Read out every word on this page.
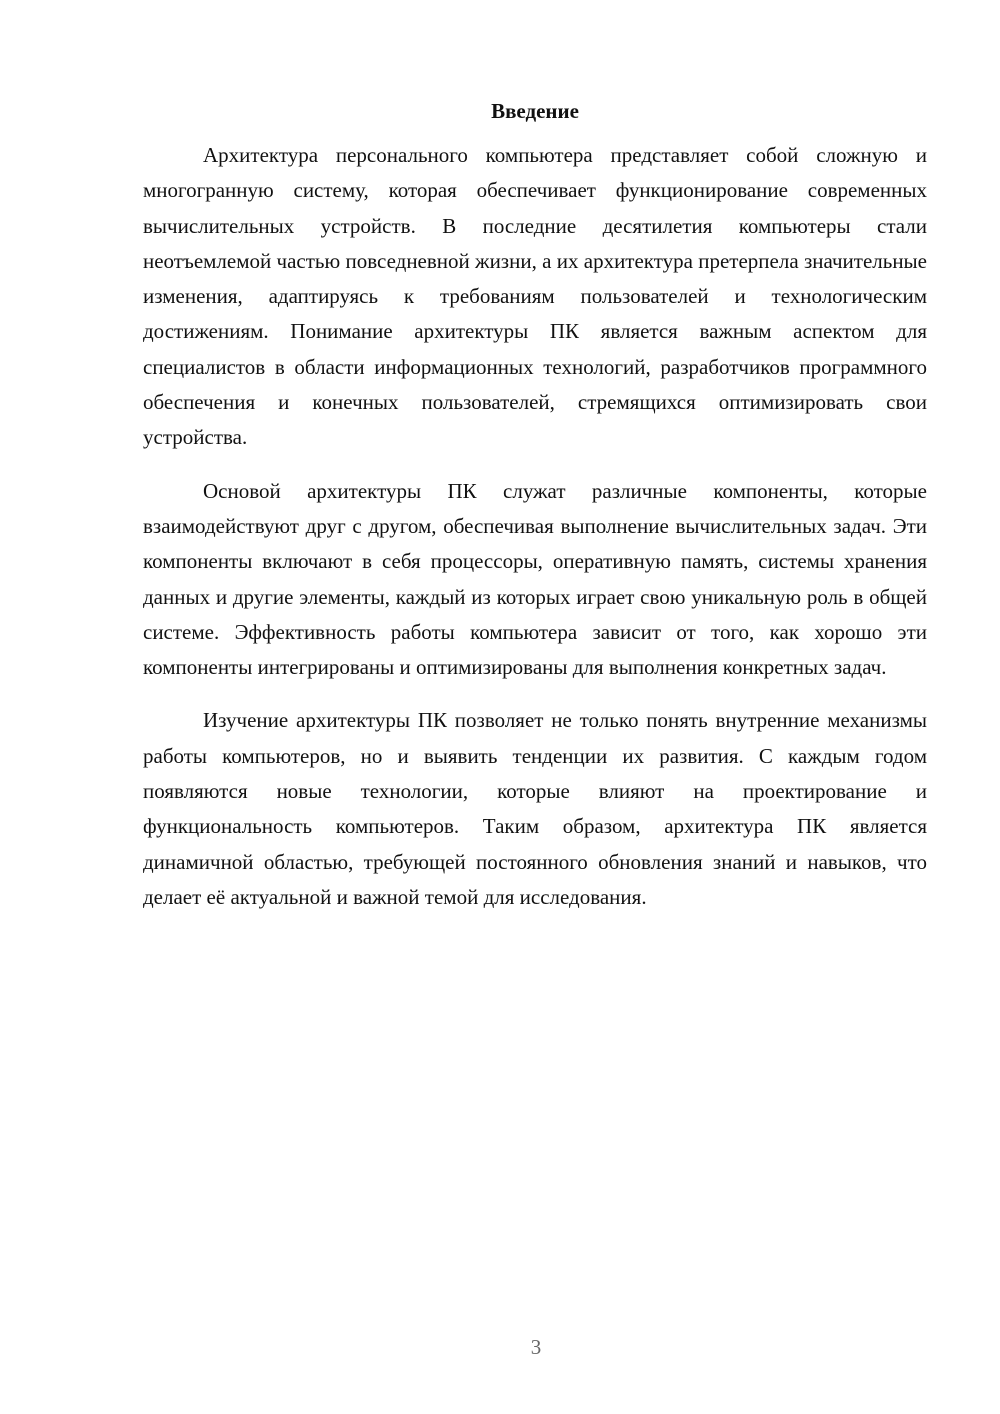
Введение

Архитектура персонального компьютера представляет собой сложную и многогранную систему, которая обеспечивает функционирование современных вычислительных устройств. В последние десятилетия компьютеры стали неотъемлемой частью повседневной жизни, а их архитектура претерпела значительные изменения, адаптируясь к требованиям пользователей и технологическим достижениям. Понимание архитектуры ПК является важным аспектом для специалистов в области информационных технологий, разработчиков программного обеспечения и конечных пользователей, стремящихся оптимизировать свои устройства.

Основой архитектуры ПК служат различные компоненты, которые взаимодействуют друг с другом, обеспечивая выполнение вычислительных задач. Эти компоненты включают в себя процессоры, оперативную память, системы хранения данных и другие элементы, каждый из которых играет свою уникальную роль в общей системе. Эффективность работы компьютера зависит от того, как хорошо эти компоненты интегрированы и оптимизированы для выполнения конкретных задач.

Изучение архитектуры ПК позволяет не только понять внутренние механизмы работы компьютеров, но и выявить тенденции их развития. С каждым годом появляются новые технологии, которые влияют на проектирование и функциональность компьютеров. Таким образом, архитектура ПК является динамичной областью, требующей постоянного обновления знаний и навыков, что делает её актуальной и важной темой для исследования.

3
